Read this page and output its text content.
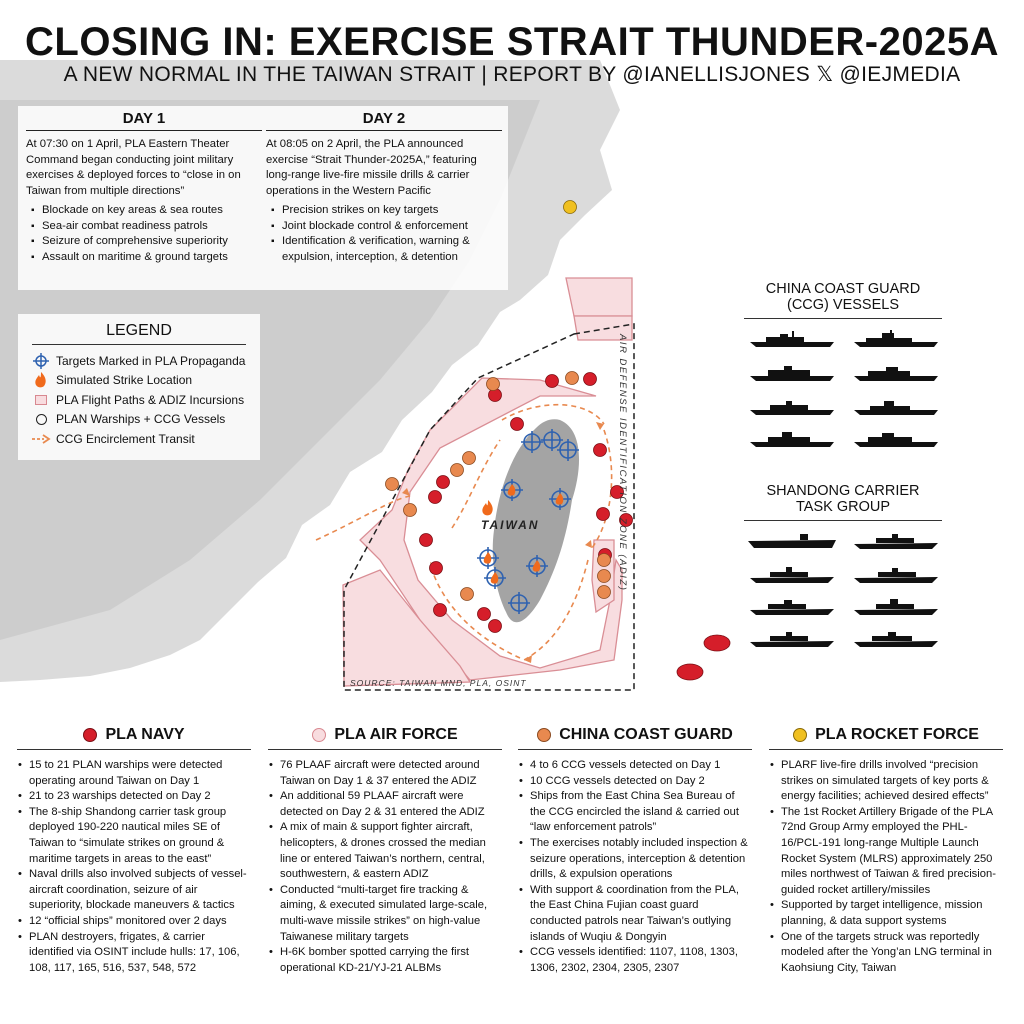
CLOSING IN: EXERCISE STRAIT THUNDER-2025A
A NEW NORMAL IN THE TAIWAN STRAIT | REPORT BY @IANELLISJONES 𝕏 @IEJMEDIA
DAY 1

At 07:30 on 1 April, PLA Eastern Theater Command began conducting joint military exercises & deployed forces to “close in on Taiwan from multiple directions”

▪ Blockade on key areas & sea routes
▪ Sea-air combat readiness patrols
▪ Seizure of comprehensive superiority
▪ Assault on maritime & ground targets
DAY 2

At 08:05 on 2 April, the PLA announced exercise “Strait Thunder-2025A,” featuring long-range live-fire missile drills & carrier operations in the Western Pacific

▪ Precision strikes on key targets
▪ Joint blockade control & enforcement
▪ Identification & verification, warning & expulsion, interception, & detention
LEGEND
Targets Marked in PLA Propaganda
Simulated Strike Location
PLA Flight Paths & ADIZ Incursions
PLAN Warships + CCG Vessels
CCG Encirclement Transit	AIR DEFENSE IDENTIFICATION ZONE (ADIZ)
TAIWAN
SOURCE: TAIWAN MND, PLA, OSINT
CHINA COAST GUARD
(CCG) VESSELS
SHANDONG CARRIER
TASK GROUP
PLA NAVY
• 15 to 21 PLAN warships were detected operating around Taiwan on Day 1
• 21 to 23 warships detected on Day 2
• The 8-ship Shandong carrier task group deployed 190-220 nautical miles SE of Taiwan to “simulate strikes on ground & maritime targets in areas to the east”
• Naval drills also involved subjects of vessel-aircraft coordination, seizure of air superiority, blockade maneuvers & tactics
• 12 “official ships” monitored over 2 days
• PLAN destroyers, frigates, & carrier identified via OSINT include hulls: 17, 106, 108, 117, 165, 516, 537, 548, 572
PLA AIR FORCE
• 76 PLAAF aircraft were detected around Taiwan on Day 1 & 37 entered the ADIZ
• An additional 59 PLAAF aircraft were detected on Day 2 & 31 entered the ADIZ
• A mix of main & support fighter aircraft, helicopters, & drones crossed the median line or entered Taiwan’s northern, central, southwestern, & eastern ADIZ
• Conducted “multi-target fire tracking & aiming, & executed simulated large-scale, multi-wave missile strikes” on high-value Taiwanese military targets
• H-6K bomber spotted carrying the first operational KD-21/YJ-21 ALBMs
CHINA COAST GUARD
• 4 to 6 CCG vessels detected on Day 1
• 10 CCG vessels detected on Day 2
• Ships from the East China Sea Bureau of the CCG encircled the island & carried out “law enforcement patrols”
• The exercises notably included inspection & seizure operations, interception & detention drills, & expulsion operations
• With support & coordination from the PLA, the East China Fujian coast guard conducted patrols near Taiwan’s outlying islands of Wuqiu & Dongyin
• CCG vessels identified: 1107, 1108, 1303, 1306, 2302, 2304, 2305, 2307
PLA ROCKET FORCE
• PLARF live-fire drills involved “precision strikes on simulated targets of key ports & energy facilities; achieved desired effects”
• The 1st Rocket Artillery Brigade of the PLA 72nd Group Army employed the PHL-16/PCL-191 long-range Multiple Launch Rocket System (MLRS) approximately 250 miles northwest of Taiwan & fired precision-guided rocket artillery/missiles
• Supported by target intelligence, mission planning, & data support systems
• One of the targets struck was reportedly modeled after the Yong’an LNG terminal in Kaohsiung City, Taiwan
